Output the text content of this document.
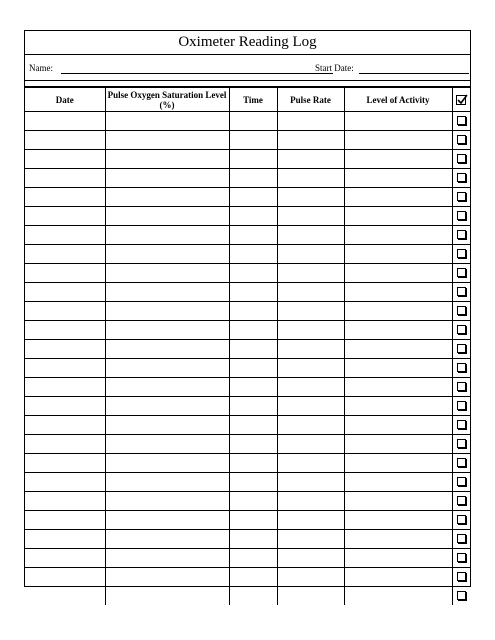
Oximeter Reading Log
Name:	Start Date:
Date	Pulse Oxygen Saturation Level (%)	Time	Pulse Rate	Level of Activity	
